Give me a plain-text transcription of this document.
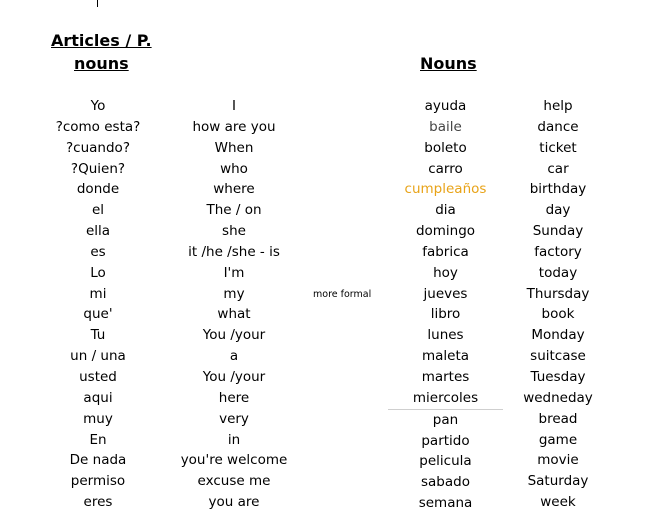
Articles / P.
nouns	Nouns
Yo
?como esta?
?cuando?
?Quien?
donde
el
ella
es
Lo
mi
que'
Tu
un / una
usted
aqui
muy
En
De nada
permiso
eres
I
how are you
When
who
where
The / on
she
it /he /she - is
I'm
my
what
You /your
a
You /your
here
very
in
you're welcome
excuse me
you are
more formal
ayuda
baile
boleto
carro
cumpleaños
dia
domingo
fabrica
hoy
jueves
libro
lunes
maleta
martes
miercoles
pan
partido
pelicula
sabado
semana
help
dance
ticket
car
birthday
day
Sunday
factory
today
Thursday
book
Monday
suitcase
Tuesday
wedneday
bread
game
movie
Saturday
week
